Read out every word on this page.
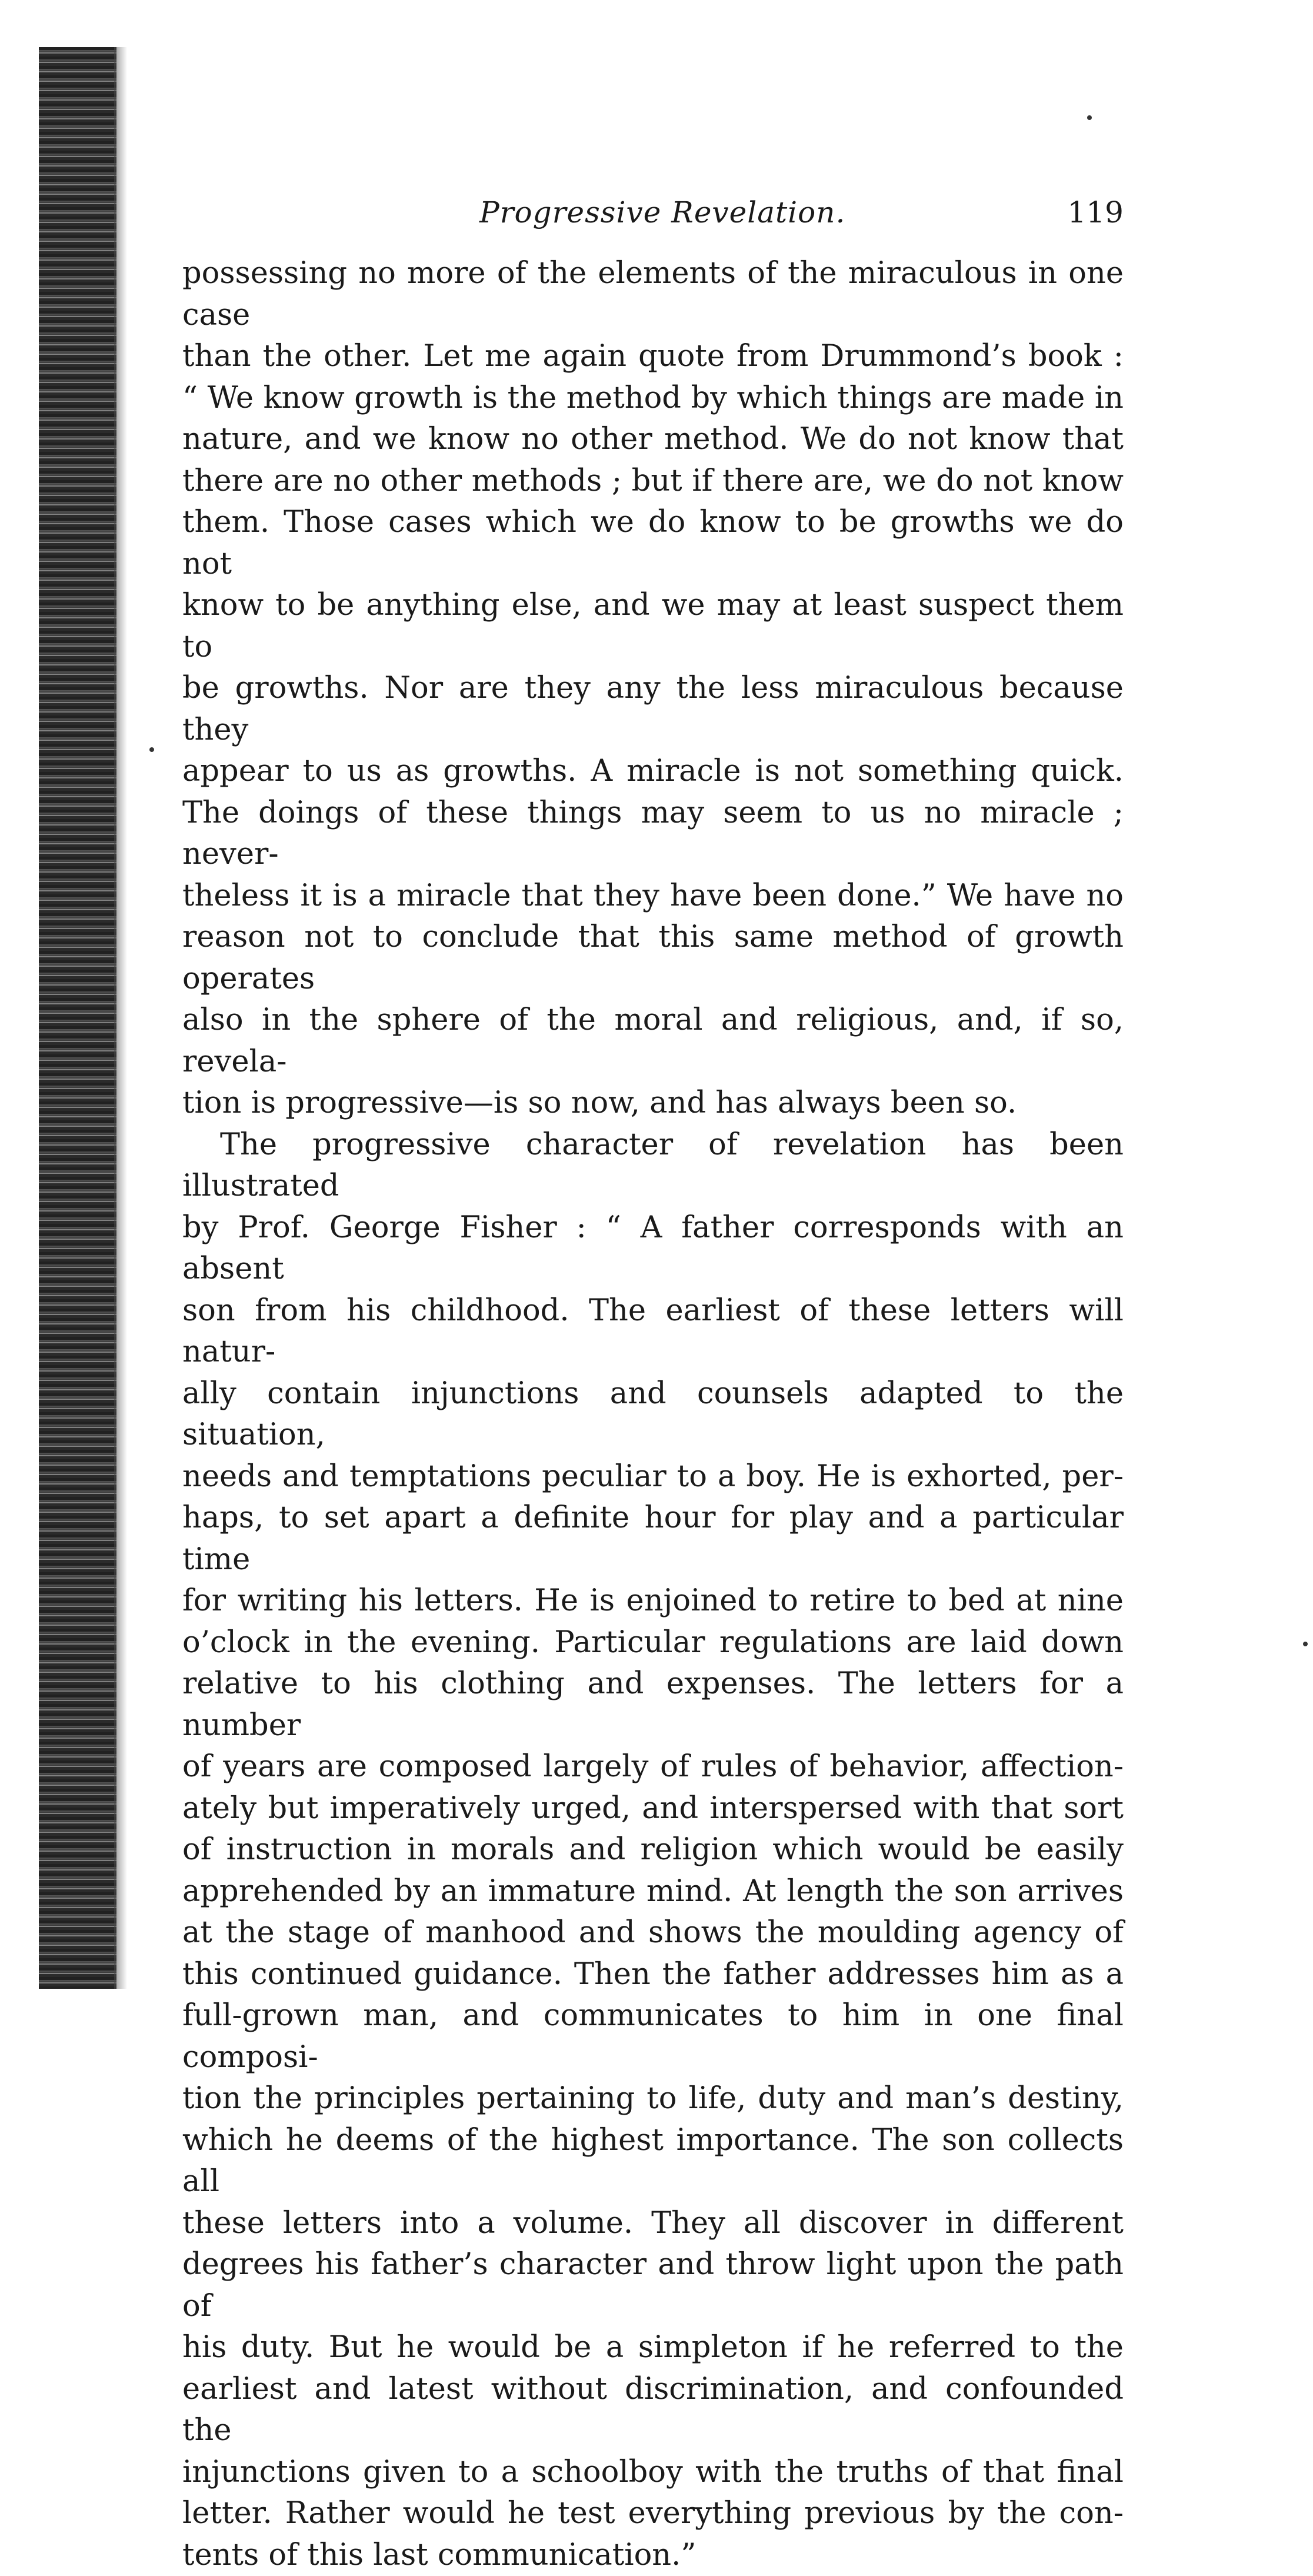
Progressive Revelation.	119

possessing no more of the elements of the miraculous in one case

than the other. Let me again quote from Drummond’s book :

“ We know growth is the method by which things are made in

nature, and we know no other method. We do not know that

there are no other methods ; but if there are, we do not know

them. Those cases which we do know to be growths we do not

know to be anything else, and we may at least suspect them to

be growths. Nor are they any the less miraculous because they

appear to us as growths. A miracle is not something quick.

The doings of these things may seem to us no miracle ; never-

theless it is a miracle that they have been done.” We have no

reason not to conclude that this same method of growth operates

also in the sphere of the moral and religious, and, if so, revela-

tion is progressive—is so now, and has always been so.

The progressive character of revelation has been illustrated

by Prof. George Fisher : “ A father corresponds with an absent

son from his childhood. The earliest of these letters will natur-

ally contain injunctions and counsels adapted to the situation,

needs and temptations peculiar to a boy. He is exhorted, per-

haps, to set apart a definite hour for play and a particular time

for writing his letters. He is enjoined to retire to bed at nine

o’clock in the evening. Particular regulations are laid down

relative to his clothing and expenses. The letters for a number

of years are composed largely of rules of behavior, affection-

ately but imperatively urged, and interspersed with that sort

of instruction in morals and religion which would be easily

apprehended by an immature mind. At length the son arrives

at the stage of manhood and shows the moulding agency of

this continued guidance. Then the father addresses him as a

full-grown man, and communicates to him in one final composi-

tion the principles pertaining to life, duty and man’s destiny,

which he deems of the highest importance. The son collects all

these letters into a volume. They all discover in different

degrees his father’s character and throw light upon the path of

his duty. But he would be a simpleton if he referred to the

earliest and latest without discrimination, and confounded the

injunctions given to a schoolboy with the truths of that final

letter. Rather would he test everything previous by the con-

tents of this last communication.”
